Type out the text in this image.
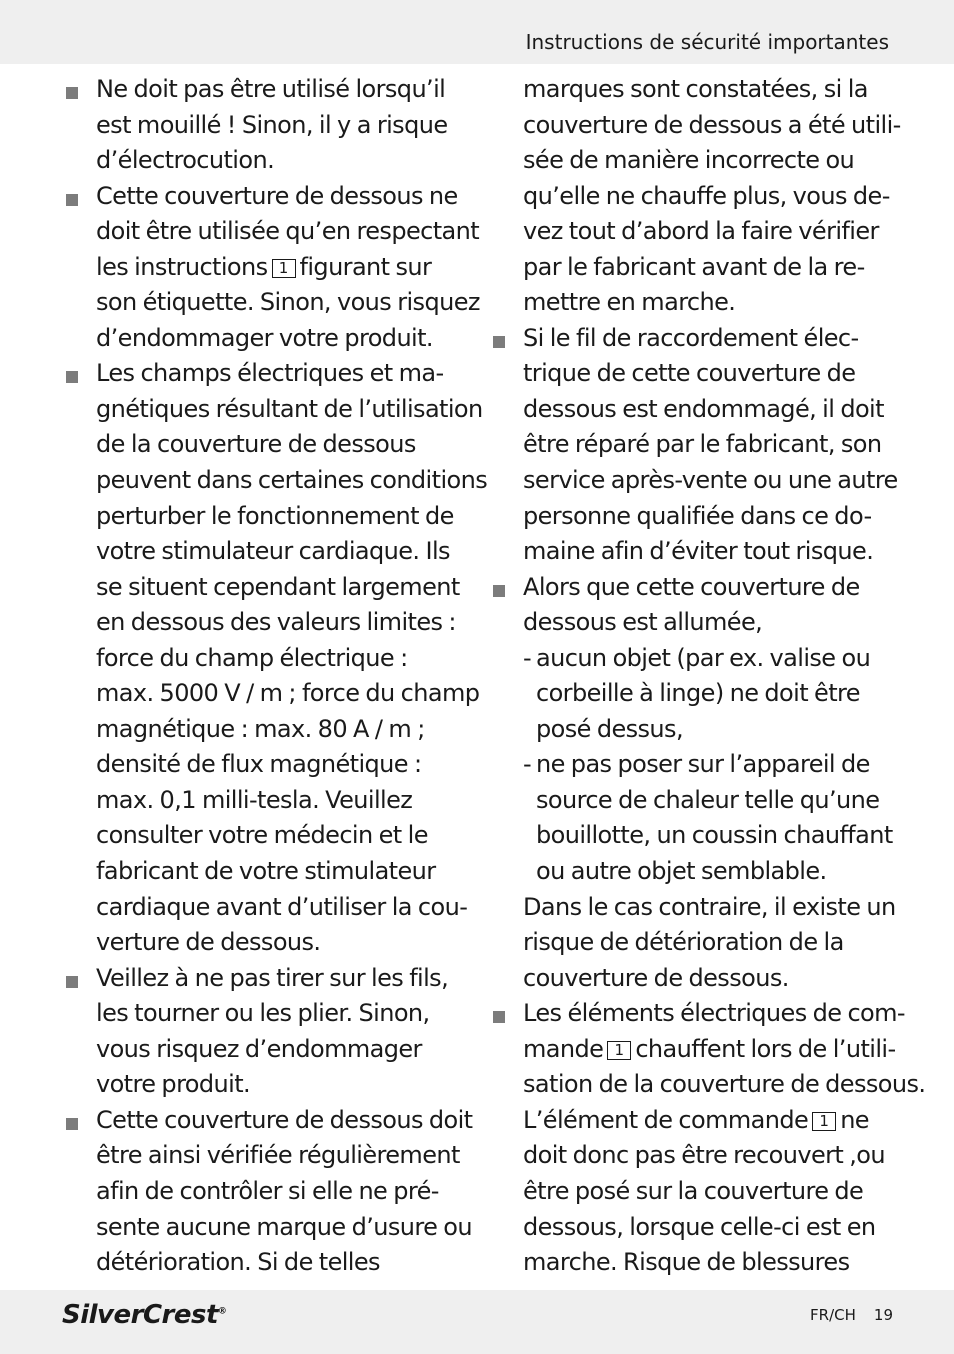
Instructions de sécurité importantes
Ne doit pas être utilisé lorsqu’il
est mouillé ! Sinon, il y a risque
d’électrocution.
Cette couverture de dessous ne
doit être utilisée qu’en respectant
les instructions 1 figurant sur
son étiquette. Sinon, vous risquez
d’endommager votre produit.
Les champs électriques et ma-
gnétiques résultant de l’utilisation
de la couverture de dessous
peuvent dans certaines conditions
perturber le fonctionnement de
votre stimulateur cardiaque. Ils
se situent cependant largement
en dessous des valeurs limites :
force du champ électrique :
max. 5000 V / m ; force du champ
magnétique : max. 80 A / m ;
densité de flux magnétique :
max. 0,1 milli-tesla. Veuillez
consulter votre médecin et le
fabricant de votre stimulateur
cardiaque avant d’utiliser la cou-
verture de dessous.
Veillez à ne pas tirer sur les fils,
les tourner ou les plier. Sinon,
vous risquez d’endommager
votre produit.
Cette couverture de dessous doit
être ainsi vérifiée régulièrement
afin de contrôler si elle ne pré-
sente aucune marque d’usure ou
détérioration. Si de telles
marques sont constatées, si la
couverture de dessous a été utili-
sée de manière incorrecte ou
qu’elle ne chauffe plus, vous de-
vez tout d’abord la faire vérifier
par le fabricant avant de la re-
mettre en marche.
Si le fil de raccordement élec-
trique de cette couverture de
dessous est endommagé, il doit
être réparé par le fabricant, son
service après-vente ou une autre
personne qualifiée dans ce do-
maine afin d’éviter tout risque.
Alors que cette couverture de
dessous est allumée,
- aucun objet (par ex. valise ou
corbeille à linge) ne doit être
posé dessus,
- ne pas poser sur l’appareil de
source de chaleur telle qu’une
bouillotte, un coussin chauffant
ou autre objet semblable.
Dans le cas contraire, il existe un
risque de détérioration de la
couverture de dessous.
Les éléments électriques de com-
mande 1 chauffent lors de l’utili-
sation de la couverture de dessous.
L’élément de commande 1 ne
doit donc pas être recouvert ,ou
être posé sur la couverture de
dessous, lorsque celle-ci est en
marche. Risque de blessures
SilverCrest®	FR/CH 19
